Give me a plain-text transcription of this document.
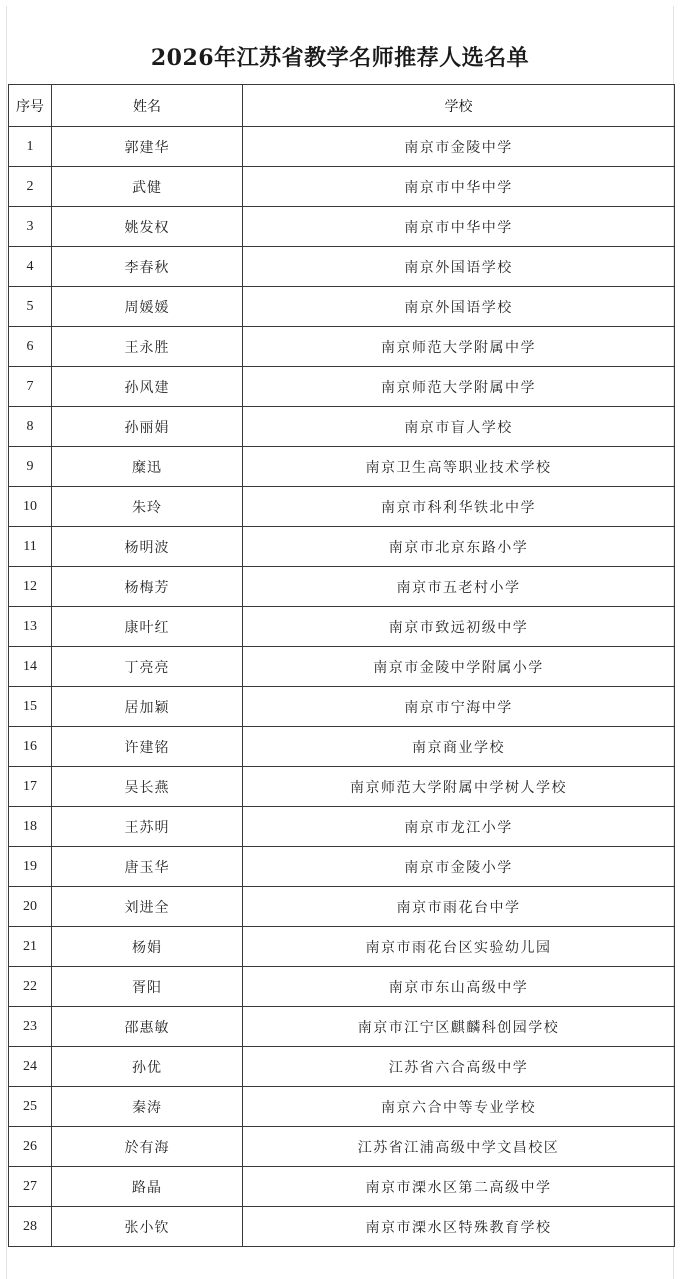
2026年江苏省教学名师推荐人选名单
序号	姓名	学校
1	郭建华	南京市金陵中学
2	武健	南京市中华中学
3	姚发权	南京市中华中学
4	李春秋	南京外国语学校
5	周媛媛	南京外国语学校
6	王永胜	南京师范大学附属中学
7	孙风建	南京师范大学附属中学
8	孙丽娟	南京市盲人学校
9	糜迅	南京卫生高等职业技术学校
10	朱玲	南京市科利华铁北中学
11	杨明波	南京市北京东路小学
12	杨梅芳	南京市五老村小学
13	康叶红	南京市致远初级中学
14	丁亮亮	南京市金陵中学附属小学
15	居加颖	南京市宁海中学
16	许建铭	南京商业学校
17	吴长燕	南京师范大学附属中学树人学校
18	王苏明	南京市龙江小学
19	唐玉华	南京市金陵小学
20	刘进全	南京市雨花台中学
21	杨娟	南京市雨花台区实验幼儿园
22	胥阳	南京市东山高级中学
23	邵惠敏	南京市江宁区麒麟科创园学校
24	孙优	江苏省六合高级中学
25	秦涛	南京六合中等专业学校
26	於有海	江苏省江浦高级中学文昌校区
27	路晶	南京市溧水区第二高级中学
28	张小钦	南京市溧水区特殊教育学校
